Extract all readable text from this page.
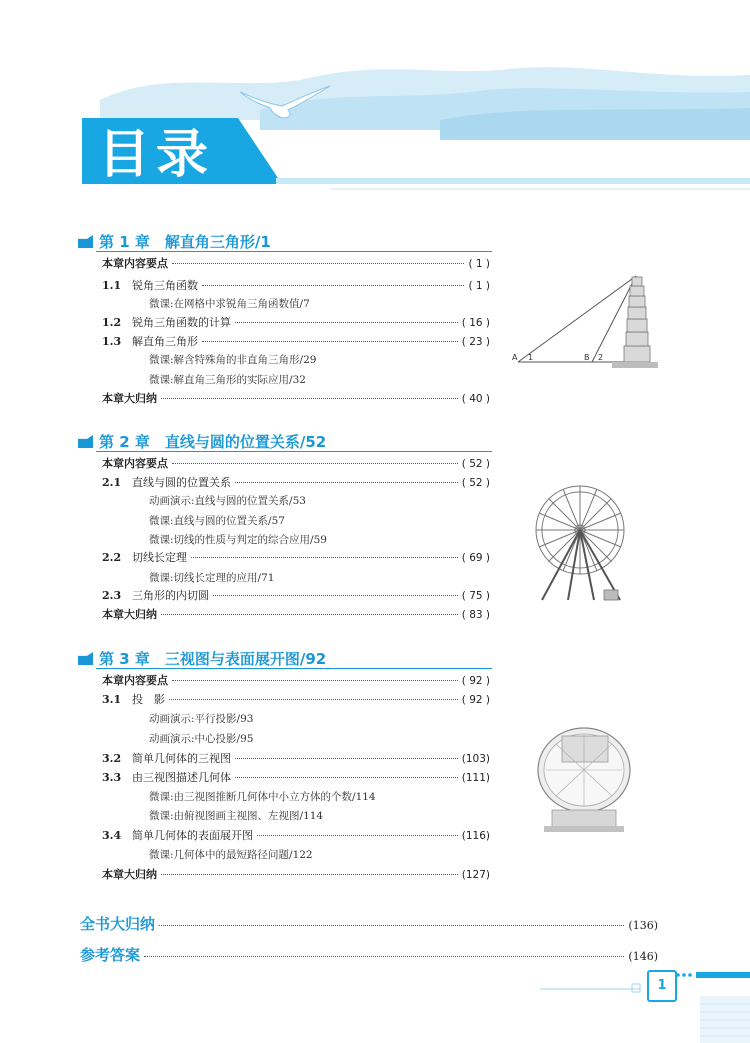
目录
第 1 章　解直角三角形/1
本章内容要点	( 1 )
1.1 锐角三角函数	( 1 )
微课:在网格中求锐角三角函数值/7
1.2 锐角三角函数的计算	( 16 )
1.3 解直角三角形	( 23 )
微课:解含特殊角的非直角三角形/29
微课:解直角三角形的实际应用/32
本章大归纳	( 40 )
A 1	B 2
第 2 章　直线与圆的位置关系/52
本章内容要点	( 52 )
2.1 直线与圆的位置关系	( 52 )
动画演示:直线与圆的位置关系/53
微课:直线与圆的位置关系/57
微课:切线的性质与判定的综合应用/59
2.2 切线长定理	( 69 )
微课:切线长定理的应用/71
2.3 三角形的内切圆	( 75 )
本章大归纳	( 83 )
第 3 章　三视图与表面展开图/92
本章内容要点	( 92 )
3.1 投　影	( 92 )
动画演示:平行投影/93
动画演示:中心投影/95
3.2 简单几何体的三视图	(103)
3.3 由三视图描述几何体	(111)
微课:由三视图推断几何体中小立方体的个数/114
微课:由俯视图画主视图、左视图/114
3.4 简单几何体的表面展开图	(116)
微课:几何体中的最短路径问题/122
本章大归纳	(127)
全书大归纳	(136)
参考答案	(146)
1
